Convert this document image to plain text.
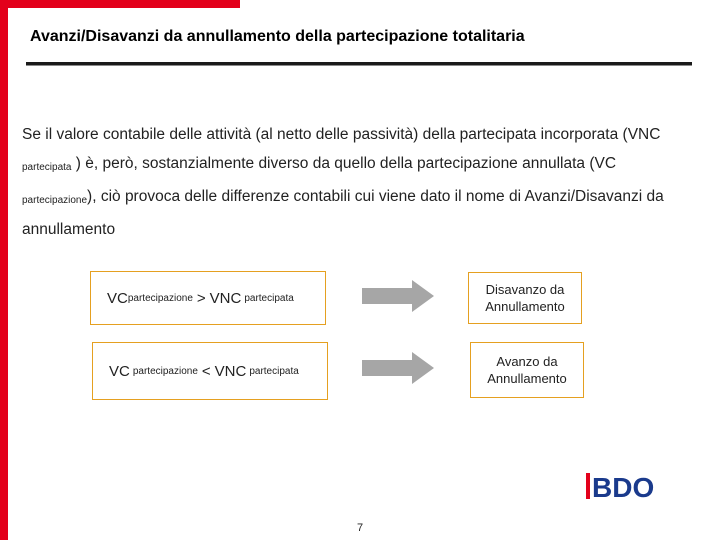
Avanzi/Disavanzi da annullamento della partecipazione totalitaria
Se il valore contabile delle attività (al netto delle passività) della partecipata incorporata (VNC
$_{partecipata}$ ) è, però, sostanzialmente diverso da quello della partecipazione annullata (VC
$_{partecipazione}$), ciò provoca delle differenze contabili cui viene dato il nome di Avanzi/Disavanzi da
annullamento
VC partecipazione > VNC partecipata
Disavanzo da
Annullamento
VC partecipazione < VNC partecipata
Avanzo da
Annullamento
BDO
7
